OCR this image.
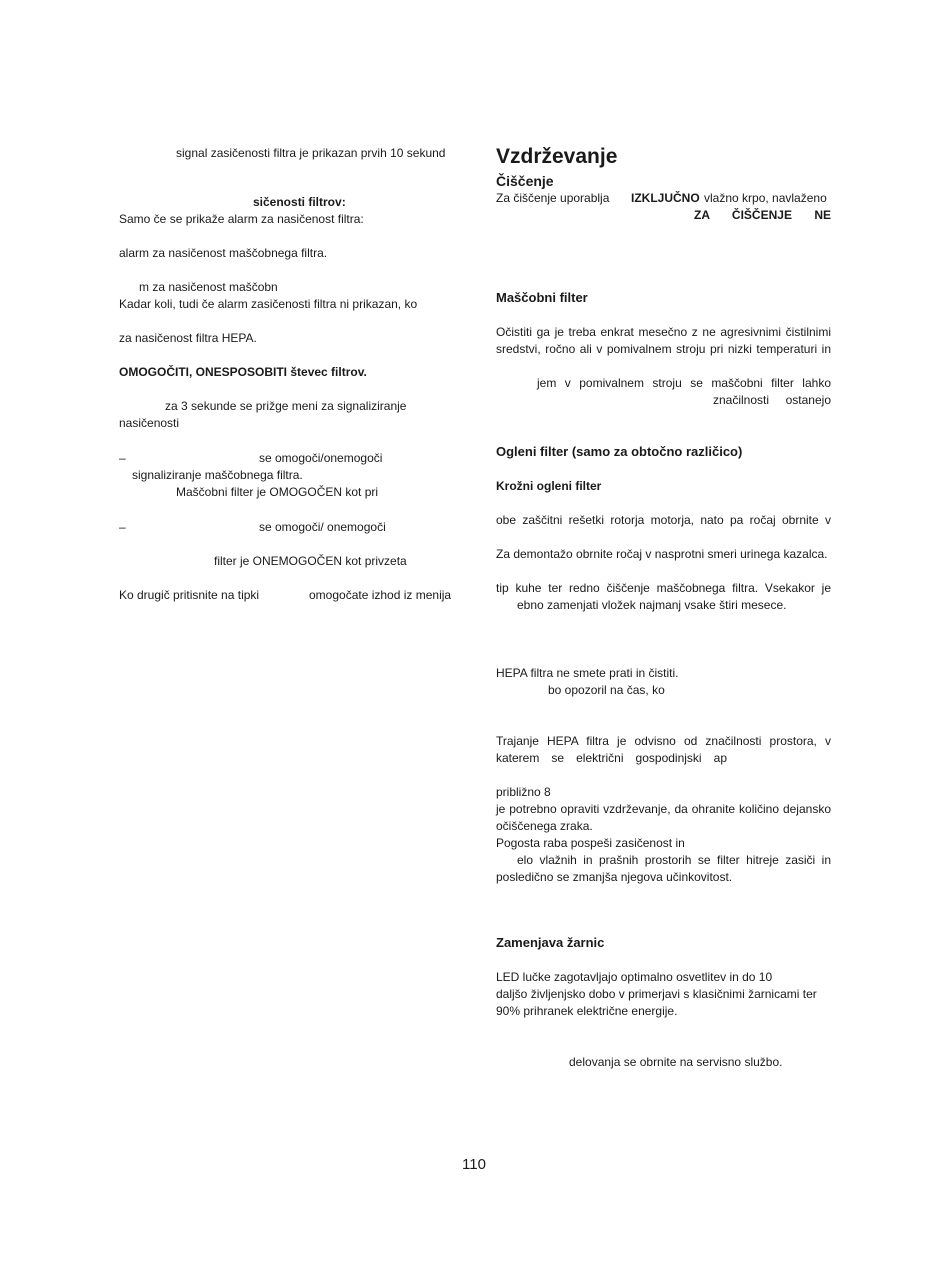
signal zasičenosti filtra je prikazan prvih 10 sekund
sičenosti filtrov:
Samo če se prikaže alarm za nasičenost filtra:
alarm za nasičenost maščobnega filtra.
m za nasičenost maščobn
Kadar koli, tudi če alarm zasičenosti filtra ni prikazan, ko
za nasičenost filtra HEPA.
OMOGOČITI, ONESPOSOBITI števec filtrov.
za 3 sekunde se prižge meni za signaliziranje
nasičenosti
–	se omogoči/onemogoči
signaliziranje maščobnega filtra.
Maščobni filter je OMOGOČEN kot pri
–	se omogoči/ onemogoči
filter je ONEMOGOČEN kot privzeta
Ko drugič pritisnite na tipki	omogočate izhod iz menija
Vzdrževanje
Čiščenje
Za čiščenje uporablja IZKLJUČNO vlažno krpo, navlaženo
ZA ČIŠČENJE NE
Maščobni filter
Očistiti ga je treba enkrat mesečno z ne agresivnimi čistilnimi
sredstvi, ročno ali v pomivalnem stroju pri nizki temperaturi in
jem v pomivalnem stroju se maščobni filter lahko
značilnosti ostanejo
Ogleni filter (samo za obtočno različico)
Krožni ogleni filter
obe zaščitni rešetki rotorja motorja, nato pa ročaj obrnite v
Za demontažo obrnite ročaj v nasprotni smeri urinega kazalca.
tip kuhe ter redno čiščenje maščobnega filtra. Vsekakor je
ebno zamenjati vložek najmanj vsake štiri mesece.
HEPA filtra ne smete prati in čistiti.
bo opozoril na čas, ko
Trajanje HEPA filtra je odvisno od značilnosti prostora, v
katerem se električni gospodinjski ap
približno 8
je potrebno opraviti vzdrževanje, da ohranite količino dejansko
očiščenega zraka.
Pogosta raba pospeši zasičenost in
elo vlažnih in prašnih prostorih se filter hitreje zasiči in
posledično se zmanjša njegova učinkovitost.
Zamenjava žarnic
LED lučke zagotavljajo optimalno osvetlitev in do 10
daljšo življenjsko dobo v primerjavi s klasičnimi žarnicami ter
90% prihranek električne energije.
delovanja se obrnite na servisno službo.
110
